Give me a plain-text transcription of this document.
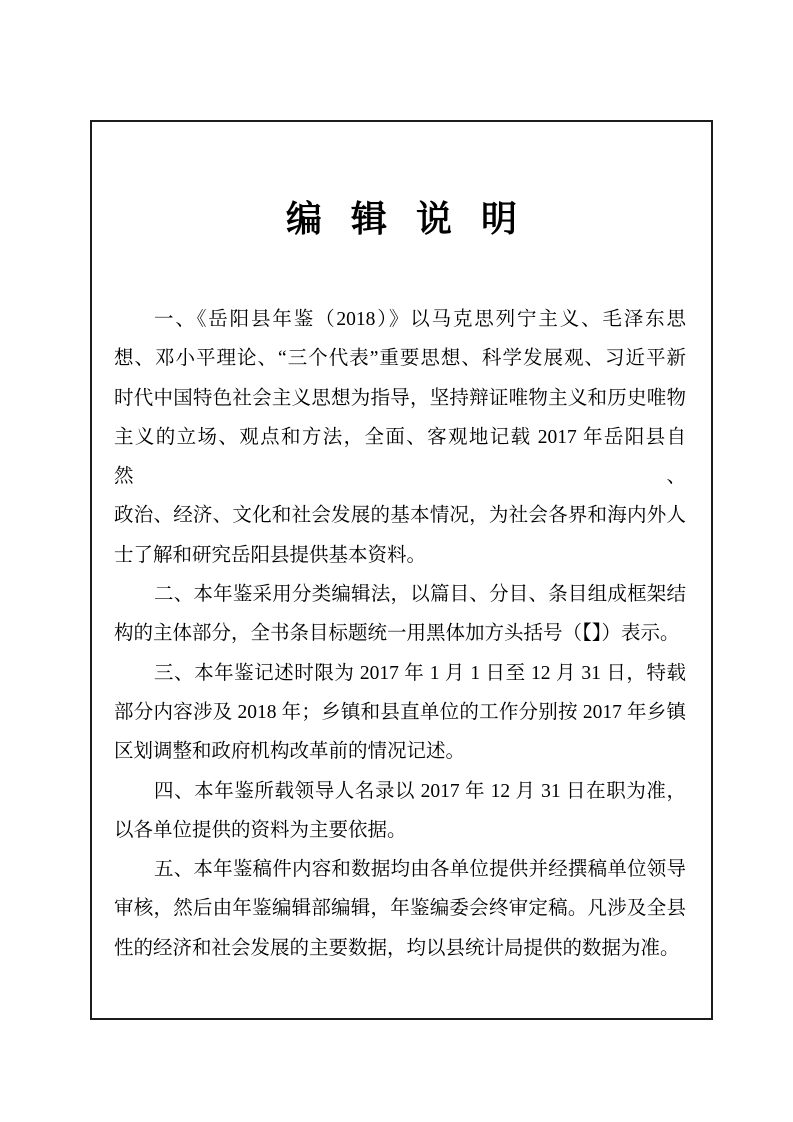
编辑说明
一、《岳阳县年鉴（2018）》以马克思列宁主义、毛泽东思
想、邓小平理论、“三个代表”重要思想、科学发展观、习近平新
时代中国特色社会主义思想为指导，坚持辩证唯物主义和历史唯物
主义的立场、观点和方法，全面、客观地记载 2017 年岳阳县自然、
政治、经济、文化和社会发展的基本情况，为社会各界和海内外人
士了解和研究岳阳县提供基本资料。
二、本年鉴采用分类编辑法，以篇目、分目、条目组成框架结
构的主体部分，全书条目标题统一用黑体加方头括号（【】）表示。
三、本年鉴记述时限为 2017 年 1 月 1 日至 12 月 31 日，特载
部分内容涉及 2018 年；乡镇和县直单位的工作分别按 2017 年乡镇
区划调整和政府机构改革前的情况记述。
四、本年鉴所载领导人名录以 2017 年 12 月 31 日在职为准，
以各单位提供的资料为主要依据。
五、本年鉴稿件内容和数据均由各单位提供并经撰稿单位领导
审核，然后由年鉴编辑部编辑，年鉴编委会终审定稿。凡涉及全县
性的经济和社会发展的主要数据，均以县统计局提供的数据为准。
